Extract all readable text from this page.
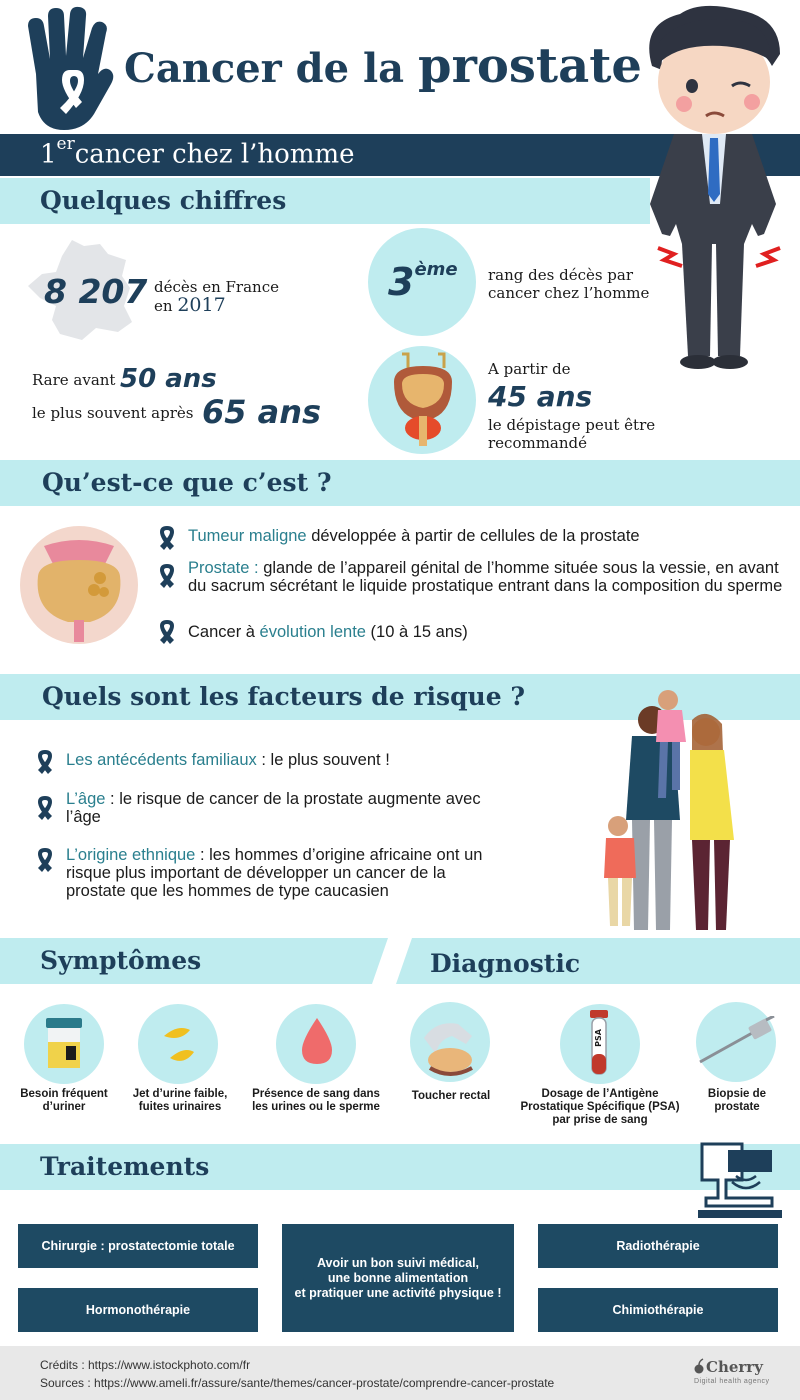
Cancer de la prostate
1ercancer chez l’homme
Quelques chiffres
8 207 décès en France
en 2017
3ème rang des décès par
cancer chez l’homme
Rare avant 50 ans
le plus souvent après 65 ans
A partir de
45 ans
le dépistage peut être
recommandé
Qu’est-ce que c’est ?
Tumeur maligne développée à partir de cellules de la prostate
Prostate : glande de l’appareil génital de l’homme située sous la vessie, en avant du sacrum sécrétant le liquide prostatique entrant dans la composition du sperme
Cancer à évolution lente (10 à 15 ans)
Quels sont les facteurs de risque ?
Les antécédents familiaux : le plus souvent !
L’âge : le risque de cancer de la prostate augmente avec l’âge
L’origine ethnique : les hommes d’origine africaine ont un risque plus important de développer un cancer de la prostate que les hommes de type caucasien
Symptômes	Diagnostic
Besoin fréquent d’uriner
Jet d’urine faible, fuites urinaires
Présence de sang dans les urines ou le sperme
Toucher rectal
PSA
Dosage de l’Antigène Prostatique Spécifique (PSA) par prise de sang
Biopsie de prostate
Traitements
Chirurgie : prostatectomie totale
Hormonothérapie
Avoir un bon suivi médical,
une bonne alimentation
et pratiquer une activité physique !
Radiothérapie
Chimiothérapie
Crédits : https://www.istockphoto.com/fr
Sources : https://www.ameli.fr/assure/sante/themes/cancer-prostate/comprendre-cancer-prostate
Cherry
Digital health agency
